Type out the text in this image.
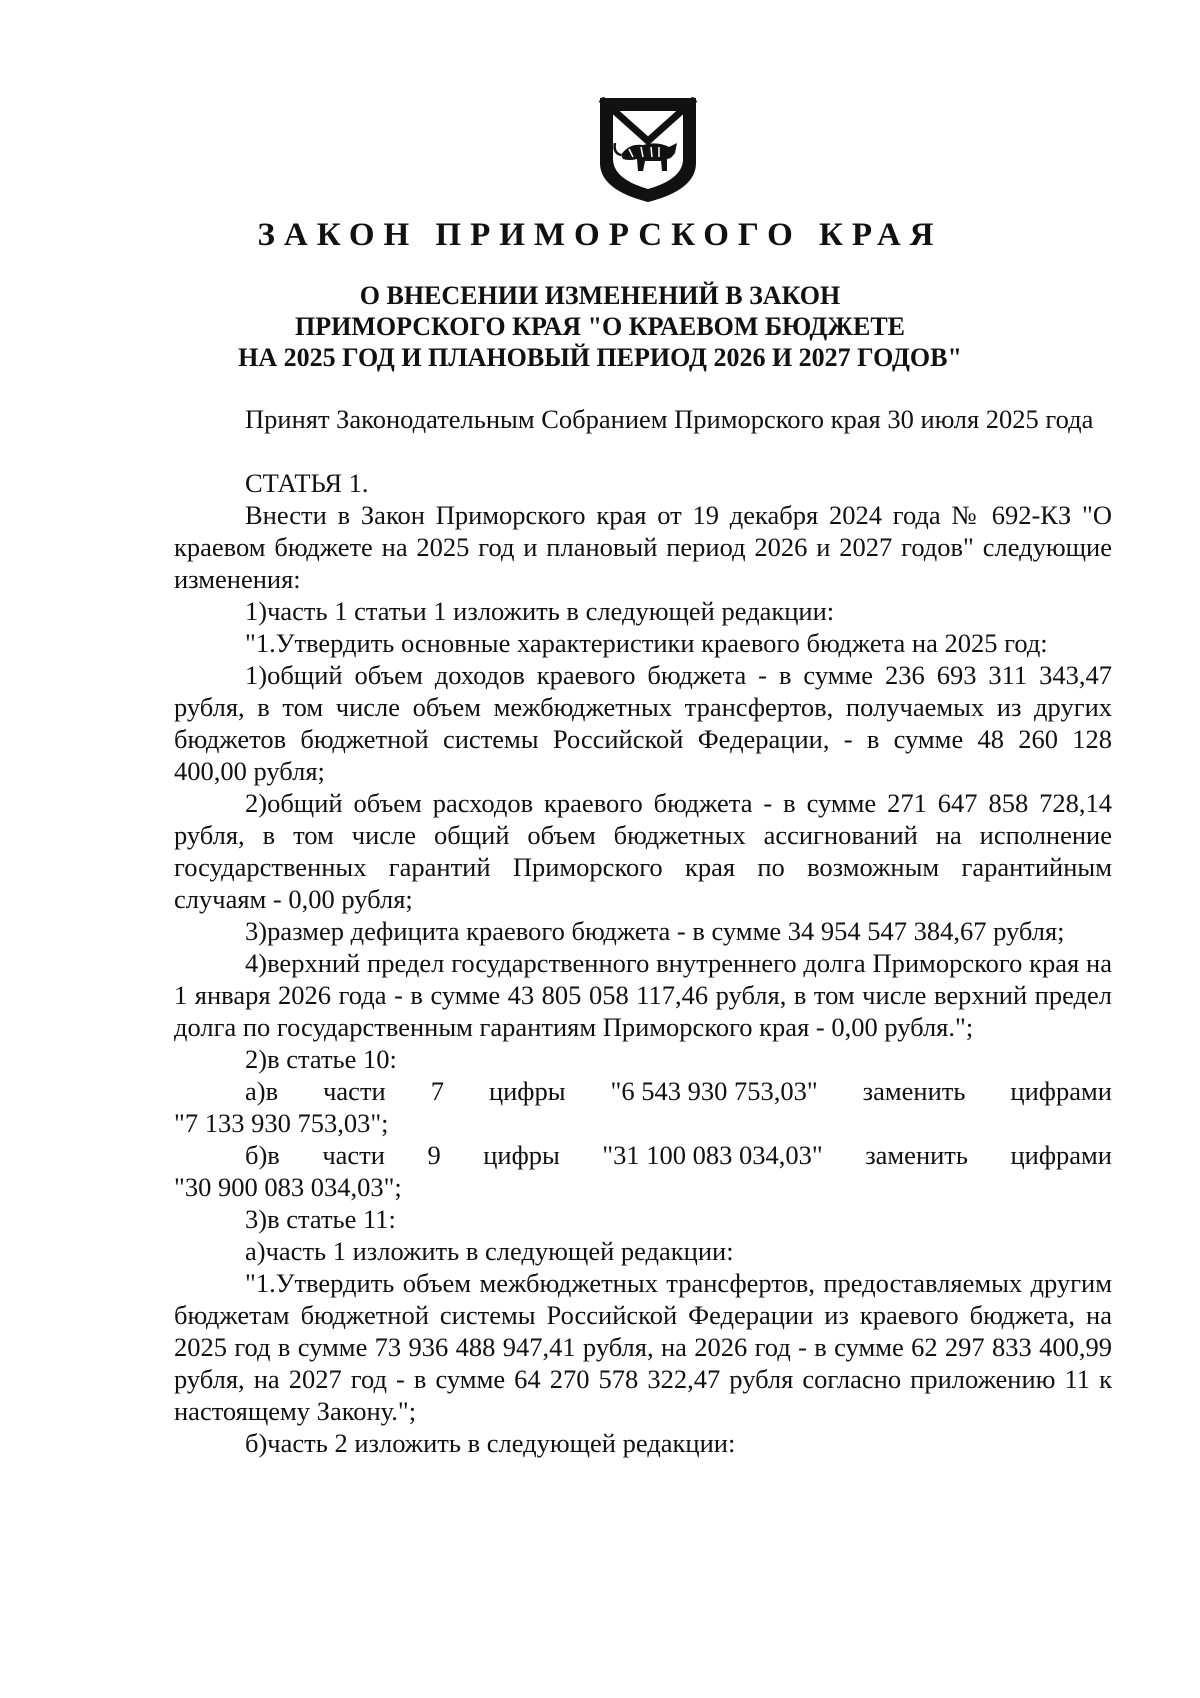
ЗАКОН ПРИМОРСКОГО КРАЯ
О ВНЕСЕНИИ ИЗМЕНЕНИЙ В ЗАКОН
ПРИМОРСКОГО КРАЯ "О КРАЕВОМ БЮДЖЕТЕ
НА 2025 ГОД И ПЛАНОВЫЙ ПЕРИОД 2026 И 2027 ГОДОВ"

Принят Законодательным Собранием Приморского края 30 июля 2025 года

СТАТЬЯ 1.

Внести в Закон Приморского края от 19 декабря 2024 года № 692-КЗ "О краевом бюджете на 2025 год и плановый период 2026 и 2027 годов" следующие изменения:

1)часть 1 статьи 1 изложить в следующей редакции:

"1.Утвердить основные характеристики краевого бюджета на 2025 год:

1)общий объем доходов краевого бюджета - в сумме 236 693 311 343,47 рубля, в том числе объем межбюджетных трансфертов, получаемых из других бюджетов бюджетной системы Российской Федерации, - в сумме 48 260 128 400,00 рубля;

2)общий объем расходов краевого бюджета - в сумме 271 647 858 728,14 рубля, в том числе общий объем бюджетных ассигнований на исполнение государственных гарантий Приморского края по возможным гарантийным случаям - 0,00 рубля;

3)размер дефицита краевого бюджета - в сумме 34 954 547 384,67 рубля;

4)верхний предел государственного внутреннего долга Приморского края на 1 января 2026 года - в сумме 43 805 058 117,46 рубля, в том числе верхний предел долга по государственным гарантиям Приморского края - 0,00 рубля.";

2)в статье 10:

а)в части 7 цифры "6 543 930 753,03" заменить цифрами
"7 133 930 753,03";
б)в части 9 цифры "31 100 083 034,03" заменить цифрами
"30 900 083 034,03";

3)в статье 11:

а)часть 1 изложить в следующей редакции:

"1.Утвердить объем межбюджетных трансфертов, предоставляемых другим бюджетам бюджетной системы Российской Федерации из краевого бюджета, на 2025 год в сумме 73 936 488 947,41 рубля, на 2026 год - в сумме 62 297 833 400,99 рубля, на 2027 год - в сумме 64 270 578 322,47 рубля согласно приложению 11 к настоящему Закону.";

б)часть 2 изложить в следующей редакции:
